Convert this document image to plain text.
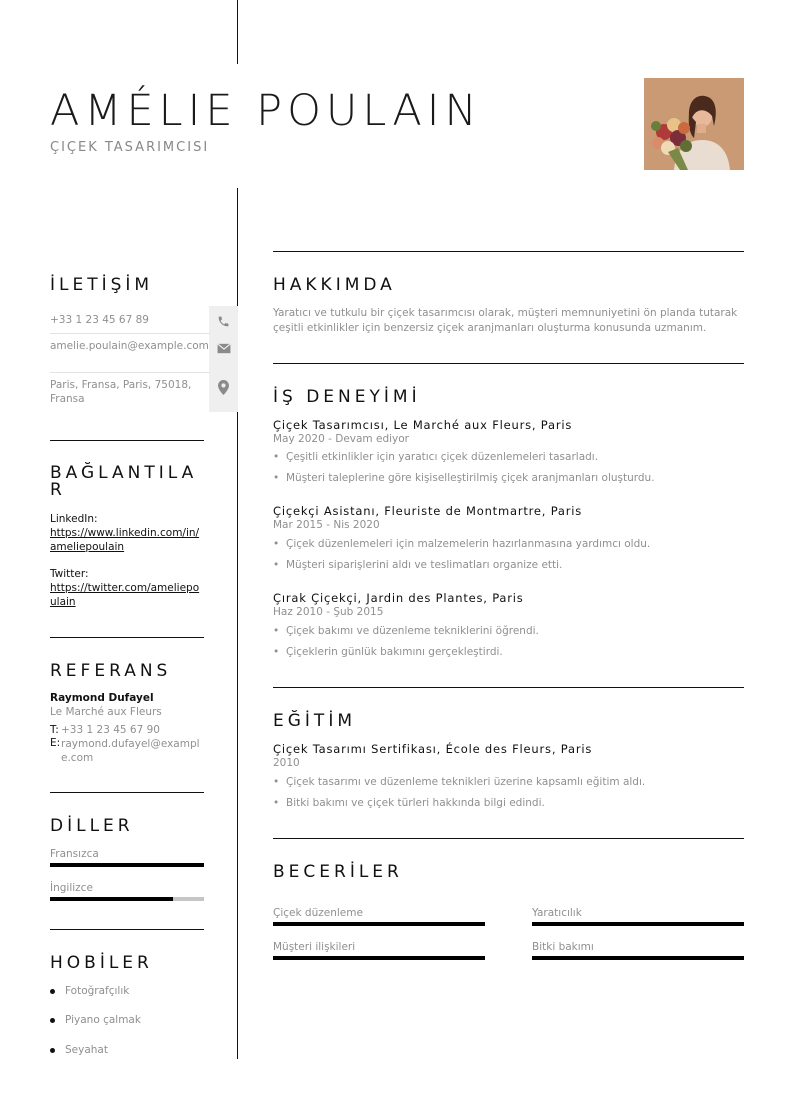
AMÉLIE POULAIN
ÇIÇEK TASARIMCISI
İLETİŞİM
+33 1 23 45 67 89
amelie.poulain@example.com
Paris, Fransa, Paris, 75018, Fransa
BAĞLANTILAR
LinkedIn:
https://www.linkedin.com/in/ameliepoulain
Twitter:
https://twitter.com/ameliepoulain
REFERANS
Raymond Dufayel
Le Marché aux Fleurs
T: +33 1 23 45 67 90
E: raymond.dufayel@example.com
DİLLER
Fransızca
İngilizce
HOBİLER
Fotoğrafçılık
Piyano çalmak
Seyahat
HAKKIMDA
Yaratıcı ve tutkulu bir çiçek tasarımcısı olarak, müşteri memnuniyetini ön planda tutarak çeşitli etkinlikler için benzersiz çiçek aranjmanları oluşturma konusunda uzmanım.
İŞ DENEYİMİ
Çiçek Tasarımcısı, Le Marché aux Fleurs, Paris
May 2020 - Devam ediyor
• Çeşitli etkinlikler için yaratıcı çiçek düzenlemeleri tasarladı.
• Müşteri taleplerine göre kişiselleştirilmiş çiçek aranjmanları oluşturdu.
Çiçekçi Asistanı, Fleuriste de Montmartre, Paris
Mar 2015 - Nis 2020
• Çiçek düzenlemeleri için malzemelerin hazırlanmasına yardımcı oldu.
• Müşteri siparişlerini aldı ve teslimatları organize etti.
Çırak Çiçekçi, Jardin des Plantes, Paris
Haz 2010 - Şub 2015
• Çiçek bakımı ve düzenleme tekniklerini öğrendi.
• Çiçeklerin günlük bakımını gerçekleştirdi.
EĞİTİM
Çiçek Tasarımı Sertifikası, École des Fleurs, Paris
2010
• Çiçek tasarımı ve düzenleme teknikleri üzerine kapsamlı eğitim aldı.
• Bitki bakımı ve çiçek türleri hakkında bilgi edindi.
BECERİLER
Çiçek düzenleme	Yaratıcılık
Müşteri ilişkileri	Bitki bakımı
